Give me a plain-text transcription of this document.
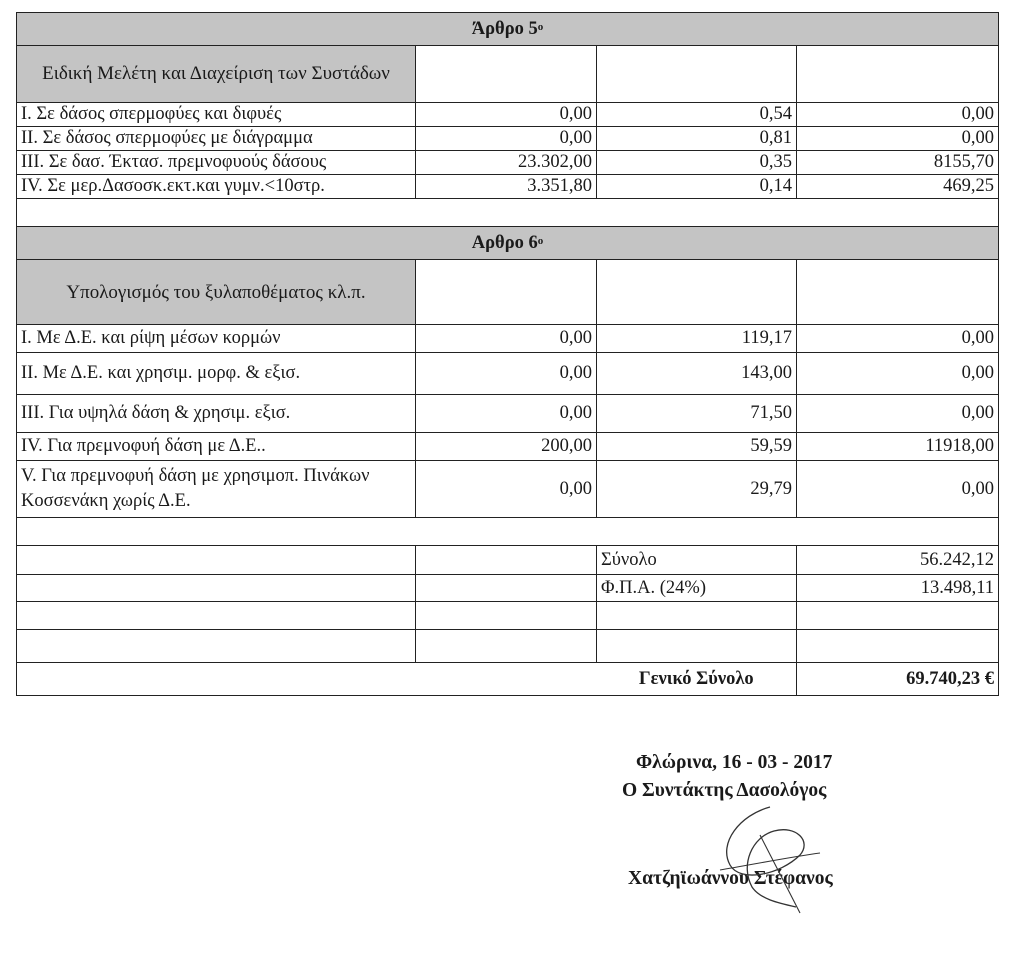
Άρθρο $5^o$
Ειδική Μελέτη και Διαχείριση των Συστάδων			
I. Σε δάσος σπερμοφύες και διφυές	0,00	0,54	0,00
II. Σε δάσος σπερμοφύες με διάγραμμα	0,00	0,81	0,00
III. Σε δασ. Έκτασ. πρεμνοφυούς δάσους	23.302,00	0,35	8155,70
IV. Σε μερ.Δασοσκ.εκτ.και γυμν.<10στρ.	3.351,80	0,14	469,25

Αρθρο $6^o$
Υπολογισμός του ξυλαποθέματος κλ.π.			
I. Με Δ.Ε. και ρίψη μέσων κορμών	0,00	119,17	0,00
II. Με Δ.Ε. και χρησιμ. μορφ. & εξισ.	0,00	143,00	0,00
III. Για υψηλά δάση & χρησιμ. εξισ.	0,00	71,50	0,00
IV. Για πρεμνοφυή δάση με Δ.Ε..	200,00	59,59	11918,00
V. Για πρεμνοφυή δάση με χρησιμοπ. Πινάκων Κοσσενάκη χωρίς Δ.Ε.	0,00	29,79	0,00

		Σύνολο	56.242,12
		Φ.Π.Α. (24%)	13.498,11

		Γενικό Σύνολο	69.740,23 €
Φλώρινα, 16 - 03 - 2017
Ο Συντάκτης Δασολόγος
Χατζηϊωάννου Στέφανος
